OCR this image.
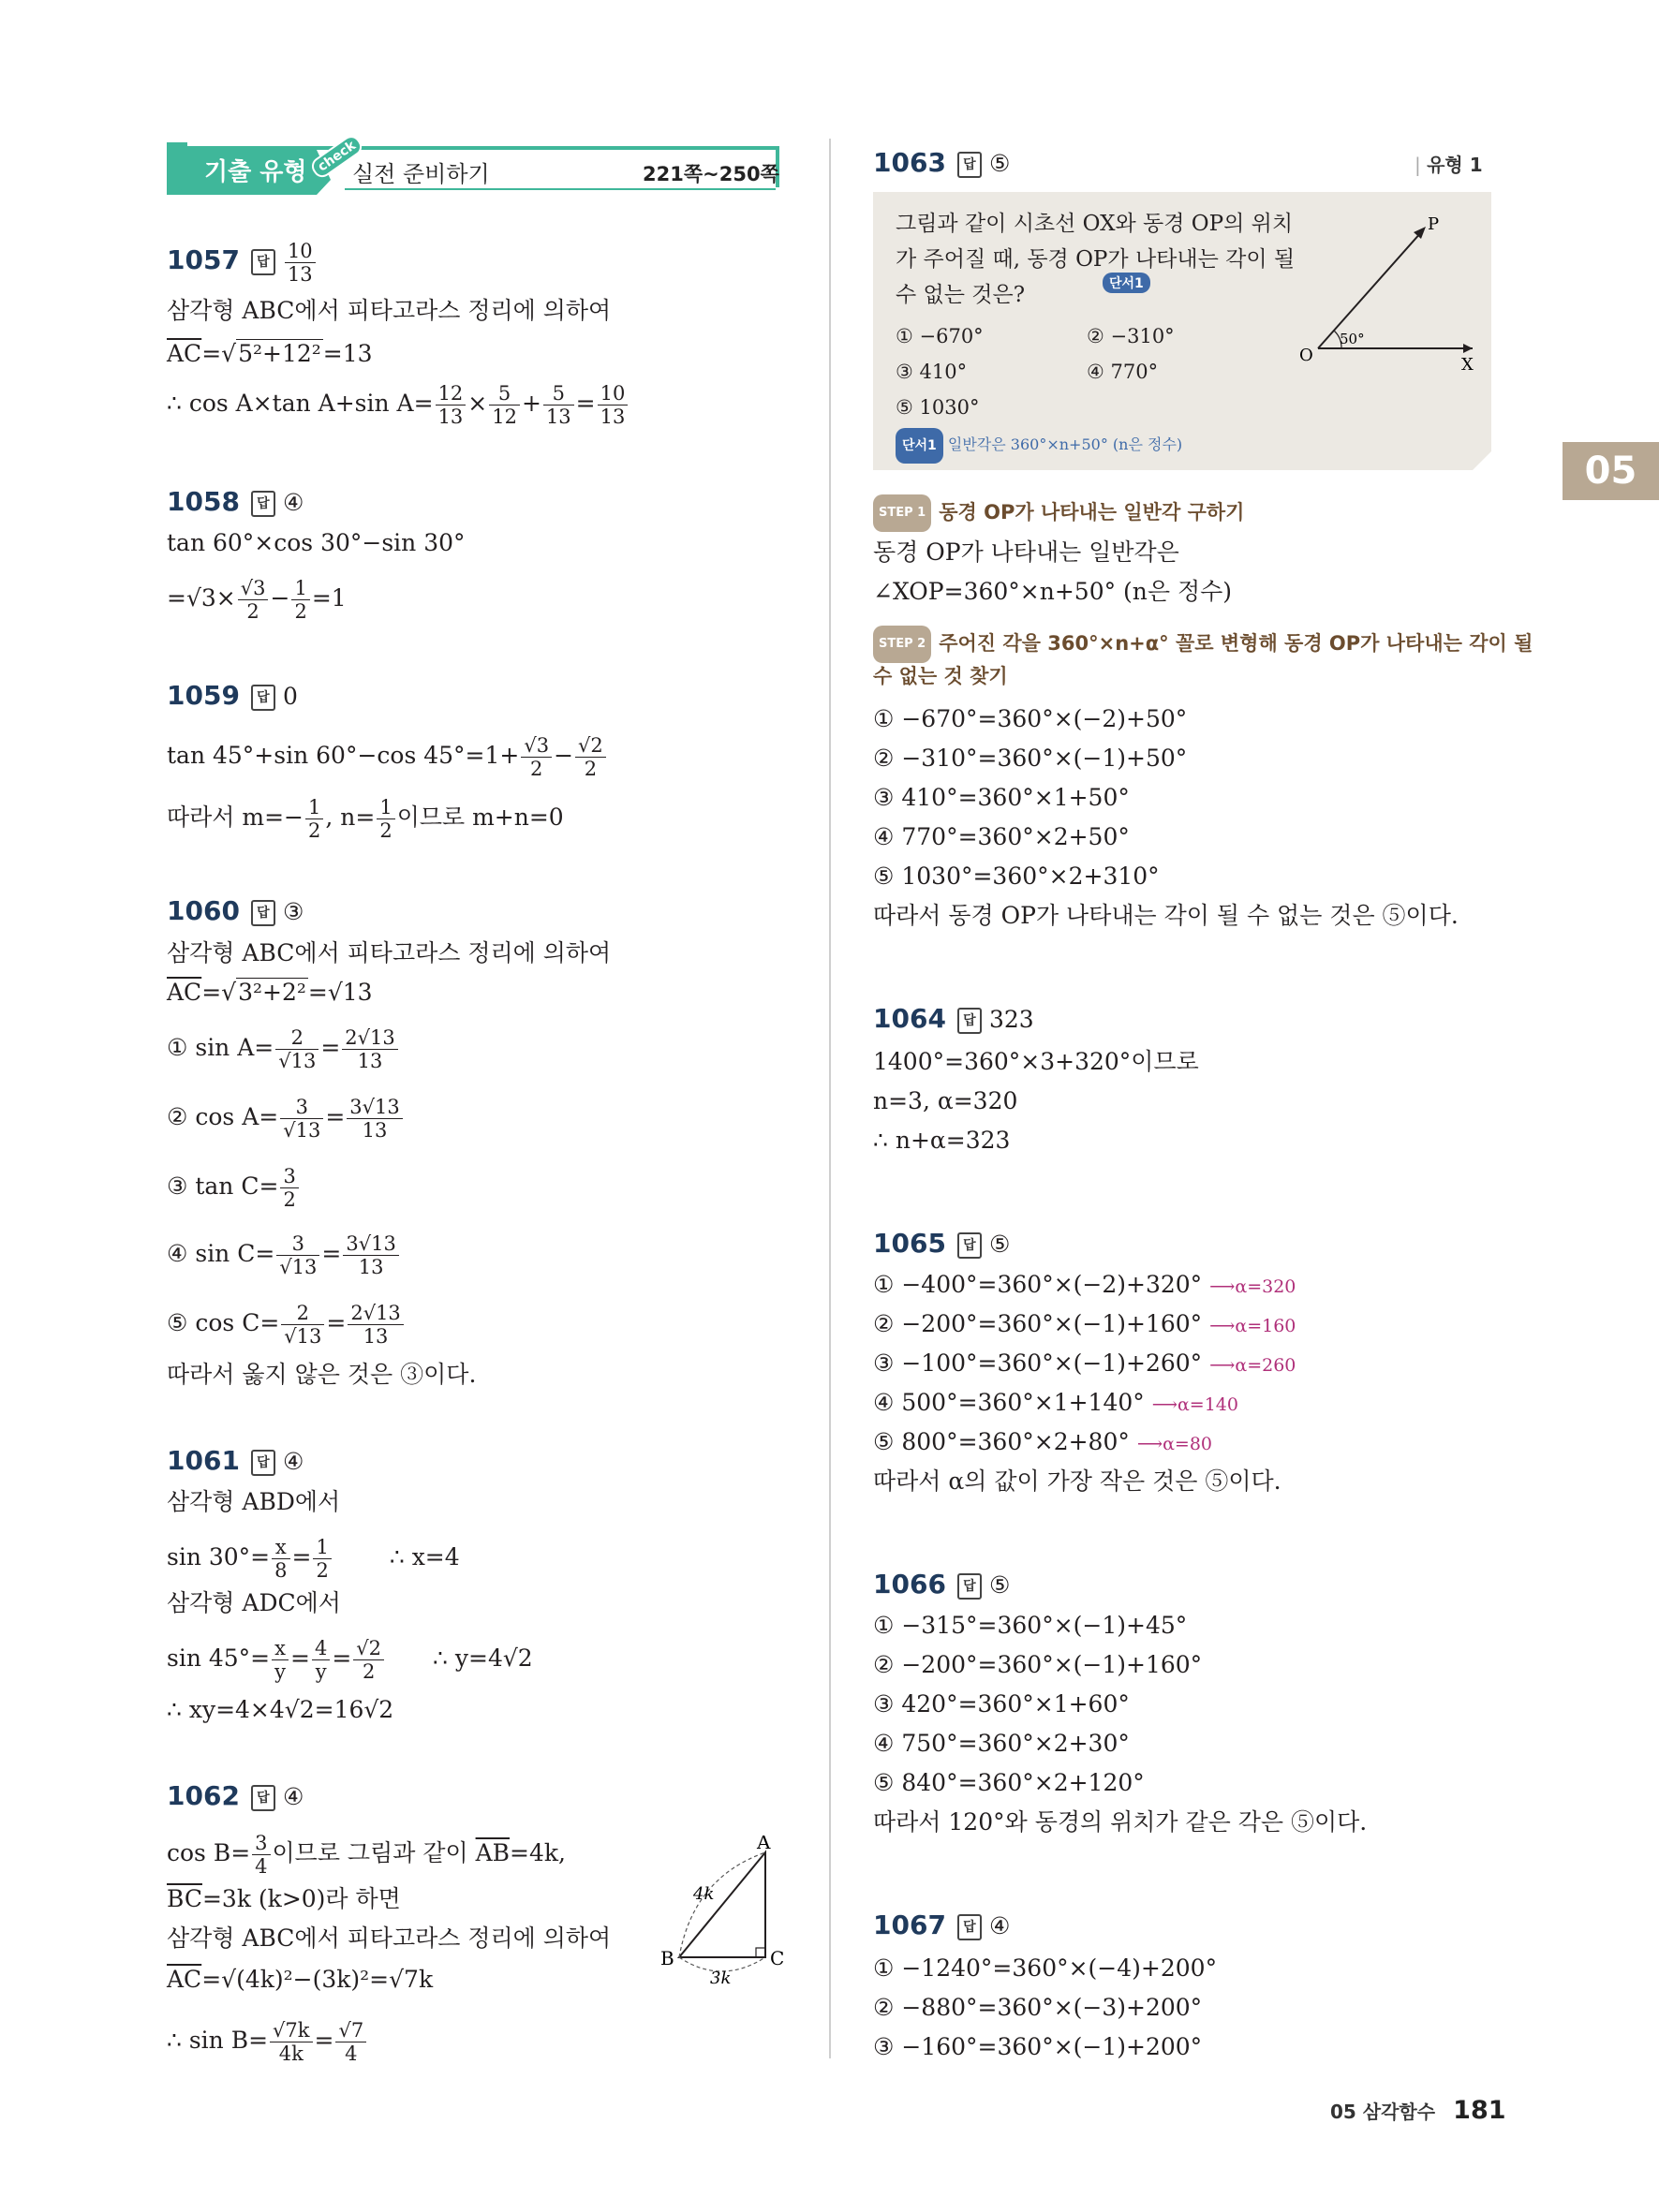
기출 유형 check
실전 준비하기	221쪽~250쪽
05
1057 답 $\frac{10}{13}$
삼각형 ABC에서 피타고라스 정리에 의하여
$\overline{AC}=√5^2+12^2=13$
∴ cos A×tan A+sin $A= \frac{12}{13} \times \frac{5}{12} + \frac{5}{13} = \frac{10}{13}$
1058 답 ④
tan 60°×cos 30°−sin 30°
$=√3\times \frac{√3}{2} - \frac{1}{2} =1$
1059 답 0
tan 45°+sin 60°−cos $45^\circ=1+ \frac{√3}{2} - \frac{√2}{2}$
따라서 $m=- \frac{1}{2}$ , $n= \frac{1}{2}$ 이므로 m+n=0
1060 답 ③
삼각형 ABC에서 피타고라스 정리에 의하여
$\overline{AC}=√3^2+2^2=√13$
① $\sin A= \frac{2}{√13} = \frac{2√13}{13}$
② $\cos A= \frac{3}{√13} = \frac{3√13}{13}$
③ $\tan C= \frac{3}{2}$
④ $\sin C= \frac{3}{√13} = \frac{3√13}{13}$
⑤ $\cos C= \frac{2}{√13} = \frac{2√13}{13}$
따라서 옳지 않은 것은 ③이다.
1061 답 ④
삼각형 ABD에서
$\sin 30^\circ= \frac{x}{8} = \frac{1}{2}$ ∴ x=4
삼각형 ADC에서
$\sin 45^\circ= \frac{x}{y} = \frac{4}{y} = \frac{√2}{2}$ ∴ y=4√2
∴ xy=4×4√2=16√2
1062 답 ④
$\cos B= \frac{3}{4}$ 이므로 그림과 같이 $\overline{AB}=4k$,
$\overline{BC}=3k$ (k>0)라 하면
삼각형 ABC에서 피타고라스 정리에 의하여
$\overline{AC}=√(4k)^2-(3k)^2=√7k$
∴ $\sin B= \frac{√7k}{4k} = \frac{√7}{4}$
A
B	C
4k
3k
1063 답 ⑤	| 유형 1
그림과 같이 시초선 OX와 동경 OP의 위치
가 주어질 때, 동경 OP가 나타내는 각이 될
수 없는 것은?	단서1
① −670°	② −310°
③ 410°	④ 770°
⑤ 1030°
단서1 일반각은 360°×n+50° (n은 정수)
O
P
X
50°
STEP 1 동경 OP가 나타내는 일반각 구하기
동경 OP가 나타내는 일반각은
∠XOP=360°×n+50° (n은 정수)
STEP 2 주어진 각을 360°×n+α° 꼴로 변형해 동경 OP가 나타내는 각이 될
수 없는 것 찾기
① −670°=360°×(−2)+50°
② −310°=360°×(−1)+50°
③ 410°=360°×1+50°
④ 770°=360°×2+50°
⑤ 1030°=360°×2+310°
따라서 동경 OP가 나타내는 각이 될 수 없는 것은 ⑤이다.
1064 답 323
1400°=360°×3+320°이므로
n=3, α=320
∴ n+α=323
1065 답 ⑤
① −400°=360°×(−2)+320° ⟶α=320
② −200°=360°×(−1)+160° ⟶α=160
③ −100°=360°×(−1)+260° ⟶α=260
④ 500°=360°×1+140° ⟶α=140
⑤ 800°=360°×2+80° ⟶α=80
따라서 α의 값이 가장 작은 것은 ⑤이다.
1066 답 ⑤
① −315°=360°×(−1)+45°
② −200°=360°×(−1)+160°
③ 420°=360°×1+60°
④ 750°=360°×2+30°
⑤ 840°=360°×2+120°
따라서 120°와 동경의 위치가 같은 각은 ⑤이다.
1067 답 ④
① −1240°=360°×(−4)+200°
② −880°=360°×(−3)+200°
③ −160°=360°×(−1)+200°
05 삼각함수 181
